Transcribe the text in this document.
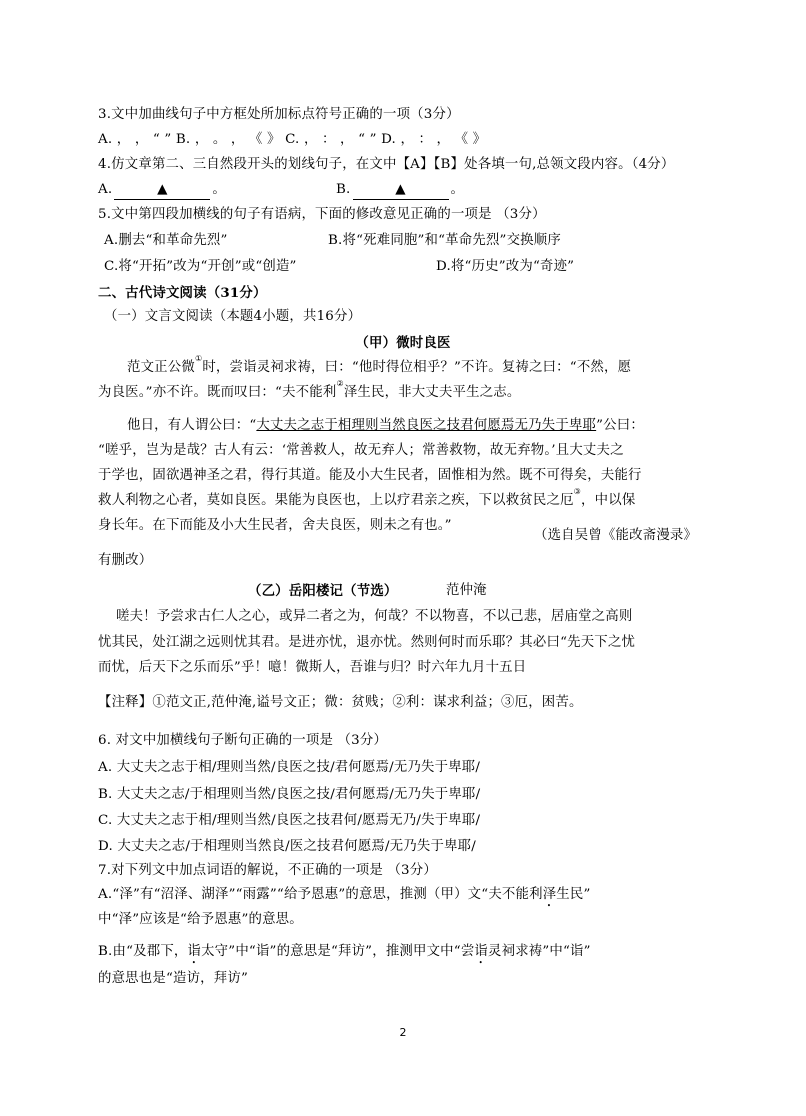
3.文中加曲线句子中方框处所加标点符号正确的一项（3分）
A. ， ， “ ” B. ， 。 ， 《 》 C. ， ： ， “ ” D. ， ： ， 《 》
4.仿文章第二、三自然段开头的划线句子，在文中【A】【B】处各填一句,总领文段内容。（4分）
A.	▲	。	B.	▲	。
5.文中第四段加横线的句子有语病，下面的修改意见正确的一项是 （3分）
A.删去“和革命先烈”	B.将“死难同胞”和“革命先烈”交换顺序
C.将“开拓”改为“开创”或“创造”	D.将“历史”改为“奇迹”
二、古代诗文阅读（31分）
（一）文言文阅读（本题4小题，共16分）
（甲）微时良医
范文正公微①时，尝诣灵祠求祷，曰：“他时得位相乎？”不许。复祷之曰：“不然，愿
为良医。”亦不许。既而叹曰：“夫不能利②泽生民，非大丈夫平生之志。
他日，有人谓公曰：“大丈夫之志于相理则当然良医之技君何愿焉无乃失于卑耶”公曰：
“嗟乎，岂为是哉？古人有云：‘常善救人，故无弃人；常善救物，故无弃物。’且大丈夫之
于学也，固欲遇神圣之君，得行其道。能及小大生民者，固惟相为然。既不可得矣，夫能行
救人利物之心者，莫如良医。果能为良医也，上以疗君亲之疾，下以救贫民之厄③，中以保
身长年。在下而能及小大生民者，舍夫良医，则未之有也。”
（选自吴曾《能改斋漫录》
有删改）
（乙）岳阳楼记（节选）	范仲淹
嗟夫！予尝求古仁人之心，或异二者之为，何哉？不以物喜，不以己悲，居庙堂之高则
忧其民，处江湖之远则忧其君。是进亦忧，退亦忧。然则何时而乐耶？其必曰“先天下之忧
而忧，后天下之乐而乐”乎！噫！微斯人，吾谁与归？时六年九月十五日
【注释】①范文正,范仲淹,谥号文正；微：贫贱；②利：谋求利益；③厄，困苦。
6. 对文中加横线句子断句正确的一项是 （3分）
A. 大丈夫之志于相/理则当然/良医之技/君何愿焉/无乃失于卑耶/
B. 大丈夫之志/于相理则当然/良医之技/君何愿焉/无乃失于卑耶/
C. 大丈夫之志于相/理则当然/良医之技君何/愿焉无乃/失于卑耶/
D. 大丈夫之志/于相理则当然良/医之技君何愿焉/无乃失于卑耶/
7.对下列文中加点词语的解说，不正确的一项是 （3分）
A.“泽”有“沼泽、湖泽”“雨露”“给予恩惠”的意思，推测（甲）文“夫不能利泽生民”
中“泽”应该是“给予恩惠”的意思。
B.由“及郡下，诣太守”中“诣”的意思是“拜访”，推测甲文中“尝诣灵祠求祷”中“诣”
的意思也是“造访，拜访”
2
